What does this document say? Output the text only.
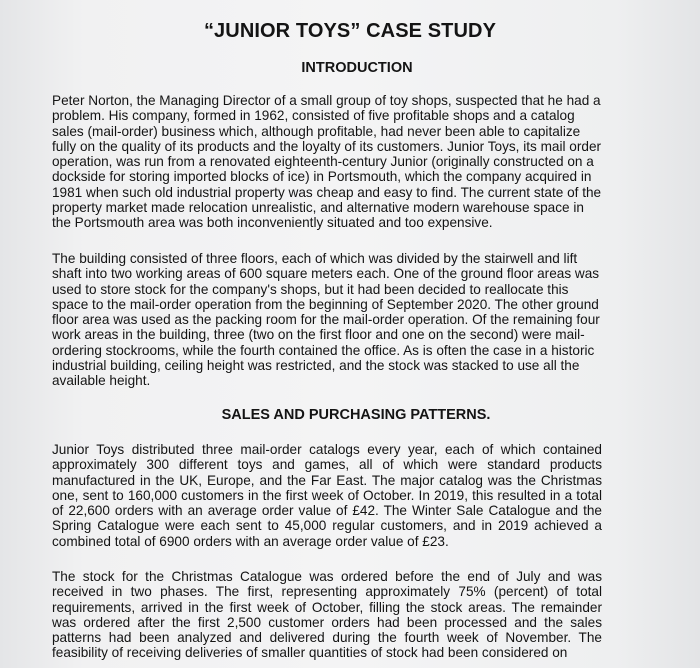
“JUNIOR TOYS” CASE STUDY
INTRODUCTION

Peter Norton, the Managing Director of a small group of toy shops, suspected that he had a problem. His company, formed in 1962, consisted of five profitable shops and a catalog sales (mail-order) business which, although profitable, had never been able to capitalize fully on the quality of its products and the loyalty of its customers. Junior Toys, its mail order operation, was run from a renovated eighteenth-century Junior (originally constructed on a dockside for storing imported blocks of ice) in Portsmouth, which the company acquired in 1981 when such old industrial property was cheap and easy to find. The current state of the property market made relocation unrealistic, and alternative modern warehouse space in the Portsmouth area was both inconveniently situated and too expensive.

The building consisted of three floors, each of which was divided by the stairwell and lift shaft into two working areas of 600 square meters each. One of the ground floor areas was used to store stock for the company's shops, but it had been decided to reallocate this space to the mail-order operation from the beginning of September 2020. The other ground floor area was used as the packing room for the mail-order operation. Of the remaining four work areas in the building, three (two on the first floor and one on the second) were mail-ordering stockrooms, while the fourth contained the office. As is often the case in a historic industrial building, ceiling height was restricted, and the stock was stacked to use all the available height.

SALES AND PURCHASING PATTERNS.

Junior Toys distributed three mail-order catalogs every year, each of which contained approximately 300 different toys and games, all of which were standard products manufactured in the UK, Europe, and the Far East. The major catalog was the Christmas one, sent to 160,000 customers in the first week of October. In 2019, this resulted in a total of 22,600 orders with an average order value of £42. The Winter Sale Catalogue and the Spring Catalogue were each sent to 45,000 regular customers, and in 2019 achieved a combined total of 6900 orders with an average order value of £23.

The stock for the Christmas Catalogue was ordered before the end of July and was received in two phases. The first, representing approximately 75% (percent) of total requirements, arrived in the first week of October, filling the stock areas. The remainder was ordered after the first 2,500 customer orders had been processed and the sales patterns had been analyzed and delivered during the fourth week of November. The feasibility of receiving deliveries of smaller quantities of stock had been considered on
